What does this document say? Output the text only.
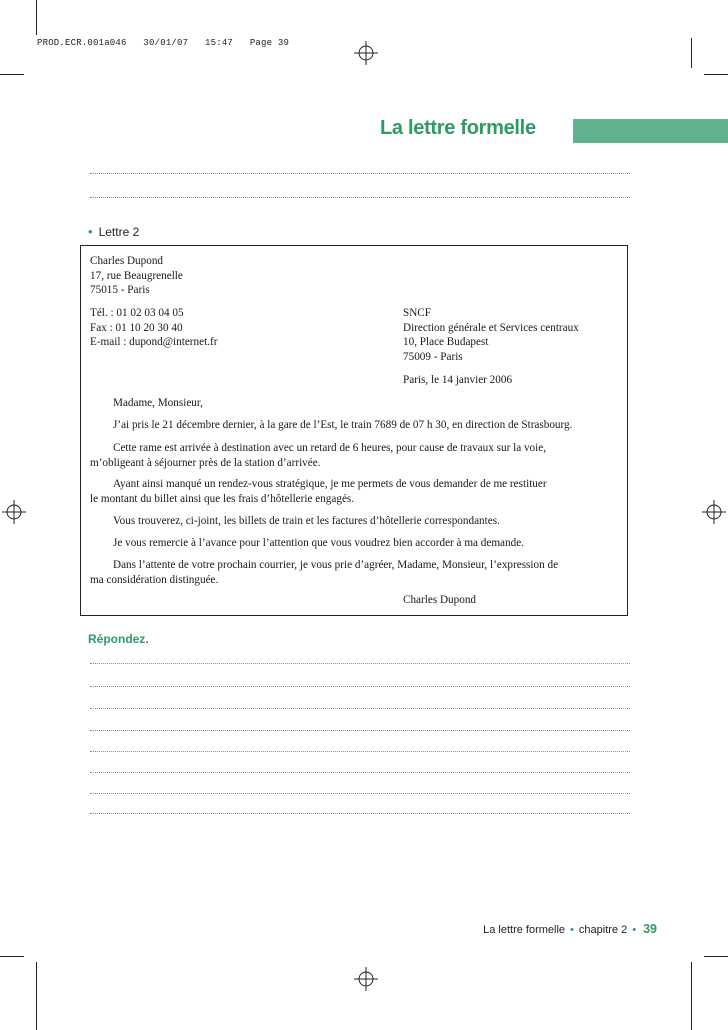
PROD.ECR.001a046   30/01/07   15:47   Page 39
La lettre formelle
• Lettre 2
Charles Dupond
17, rue Beaugrenelle
75015 - Paris
Tél. : 01 02 03 04 05
Fax : 01 10 20 30 40
E-mail : dupond@internet.fr
SNCF
Direction générale et Services centraux
10, Place Budapest
75009 - Paris
Paris, le 14 janvier 2006
Madame, Monsieur,
J’ai pris le 21 décembre dernier, à la gare de l’Est, le train 7689 de 07 h 30, en direction de Strasbourg.
Cette rame est arrivée à destination avec un retard de 6 heures, pour cause de travaux sur la voie,
m’obligeant à séjourner près de la station d’arrivée.
Ayant ainsi manqué un rendez-vous stratégique, je me permets de vous demander de me restituer
le montant du billet ainsi que les frais d’hôtellerie engagés.
Vous trouverez, ci-joint, les billets de train et les factures d’hôtellerie correspondantes.
Je vous remercie à l’avance pour l’attention que vous voudrez bien accorder à ma demande.
Dans l’attente de votre prochain courrier, je vous prie d’agréer, Madame, Monsieur, l’expression de
ma considération distinguée.
Charles Dupond
Répondez.
La lettre formelle • chapitre 2 • 39
